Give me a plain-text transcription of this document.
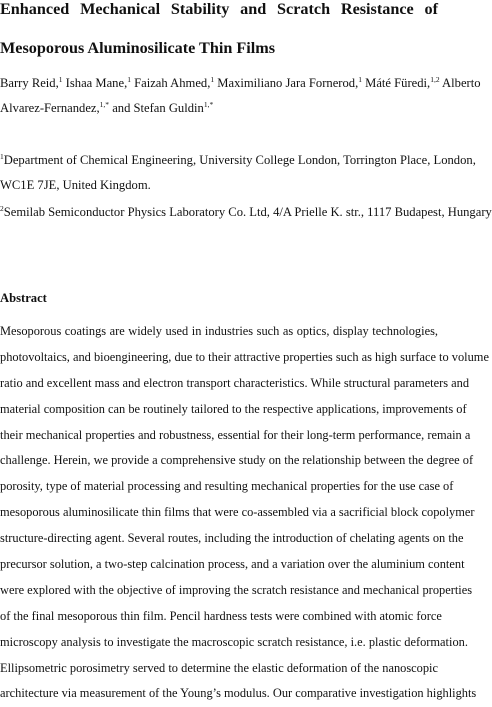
Enhanced Mechanical Stability and Scratch Resistance of
Mesoporous Aluminosilicate Thin Films
Barry Reid,$^1$ Ishaa Mane,$^1$ Faizah Ahmed,$^1$ Maximiliano Jara Fornerod,$^1$ Máté Füredi,$^{1,2}$ Alberto
Alvarez-Fernandez,$^{1,*}$ and Stefan Guldin$^{1,*}$
$^1$Department of Chemical Engineering, University College London, Torrington Place, London,
WC1E 7JE, United Kingdom.
$^2$Semilab Semiconductor Physics Laboratory Co. Ltd, 4/A Prielle K. str., 1117 Budapest, Hungary
Abstract
Mesoporous coatings are widely used in industries such as optics, display technologies,
photovoltaics, and bioengineering, due to their attractive properties such as high surface to volume
ratio and excellent mass and electron transport characteristics. While structural parameters and
material composition can be routinely tailored to the respective applications, improvements of
their mechanical properties and robustness, essential for their long-term performance, remain a
challenge. Herein, we provide a comprehensive study on the relationship between the degree of
porosity, type of material processing and resulting mechanical properties for the use case of
mesoporous aluminosilicate thin films that were co-assembled via a sacrificial block copolymer
structure-directing agent. Several routes, including the introduction of chelating agents on the
precursor solution, a two-step calcination process, and a variation over the aluminium content
were explored with the objective of improving the scratch resistance and mechanical properties
of the final mesoporous thin film. Pencil hardness tests were combined with atomic force
microscopy analysis to investigate the macroscopic scratch resistance, i.e. plastic deformation.
Ellipsometric porosimetry served to determine the elastic deformation of the nanoscopic
architecture via measurement of the Young’s modulus. Our comparative investigation highlights
